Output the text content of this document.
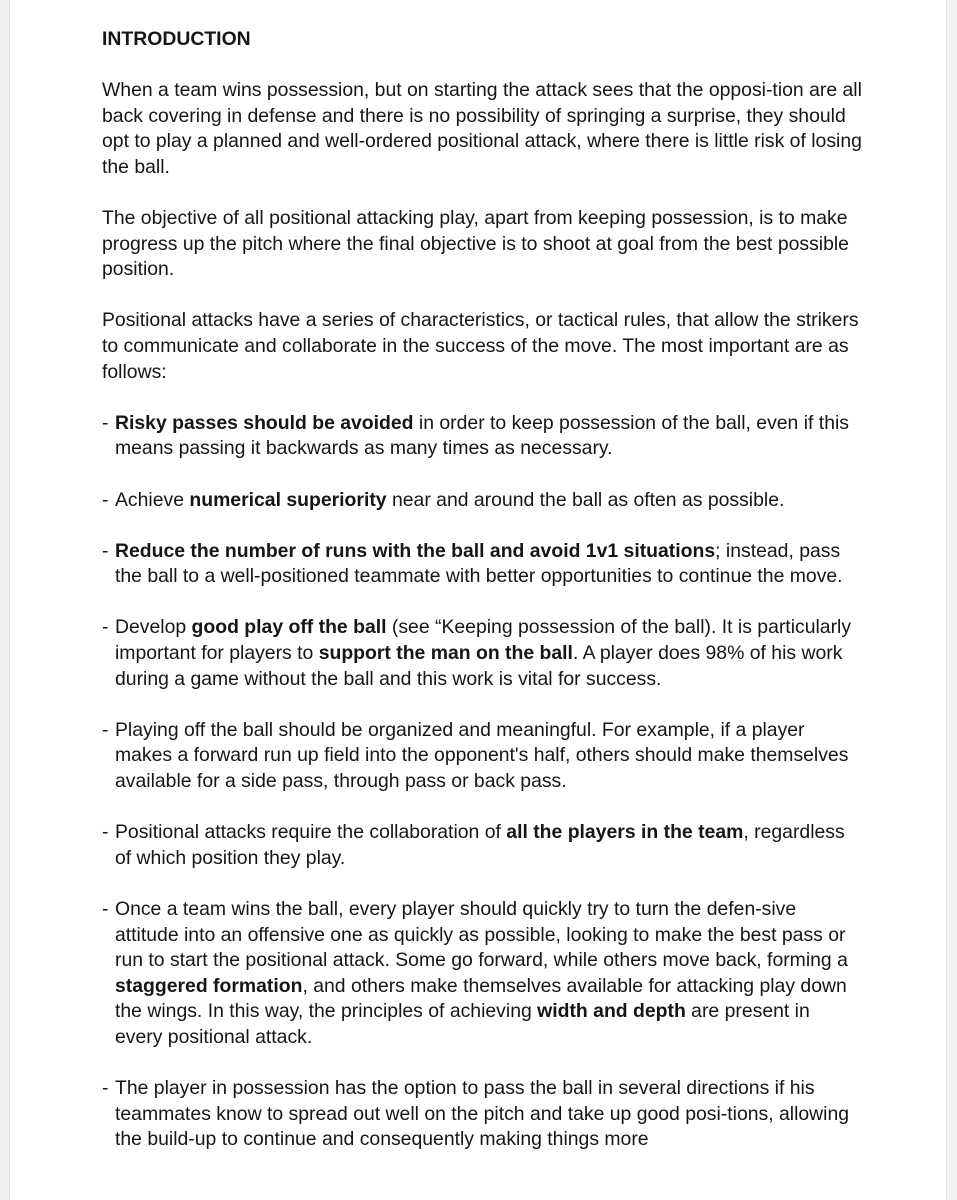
INTRODUCTION

When a team wins possession, but on starting the attack sees that the opposi-tion are all back covering in defense and there is no possibility of springing a surprise, they should opt to play a planned and well-ordered positional attack, where there is little risk of losing the ball.

The objective of all positional attacking play, apart from keeping possession, is to make progress up the pitch where the final objective is to shoot at goal from the best possible position.

Positional attacks have a series of characteristics, or tactical rules, that allow the strikers to communicate and collaborate in the success of the move. The most important are as follows:

- Risky passes should be avoided in order to keep possession of the ball, even if this means passing it backwards as many times as necessary.
- Achieve numerical superiority near and around the ball as often as possible.
- Reduce the number of runs with the ball and avoid 1v1 situations; instead, pass the ball to a well-positioned teammate with better opportunities to continue the move.
- Develop good play off the ball (see “Keeping possession of the ball). It is particularly important for players to support the man on the ball. A player does 98% of his work during a game without the ball and this work is vital for success.
- Playing off the ball should be organized and meaningful. For example, if a player makes a forward run up field into the opponent's half, others should make themselves available for a side pass, through pass or back pass.
- Positional attacks require the collaboration of all the players in the team, regardless of which position they play.
- Once a team wins the ball, every player should quickly try to turn the defen-sive attitude into an offensive one as quickly as possible, looking to make the best pass or run to start the positional attack. Some go forward, while others move back, forming a staggered formation, and others make themselves available for attacking play down the wings. In this way, the principles of achieving width and depth are present in every positional attack.
- The player in possession has the option to pass the ball in several directions if his teammates know to spread out well on the pitch and take up good posi-tions, allowing the build-up to continue and consequently making things more
